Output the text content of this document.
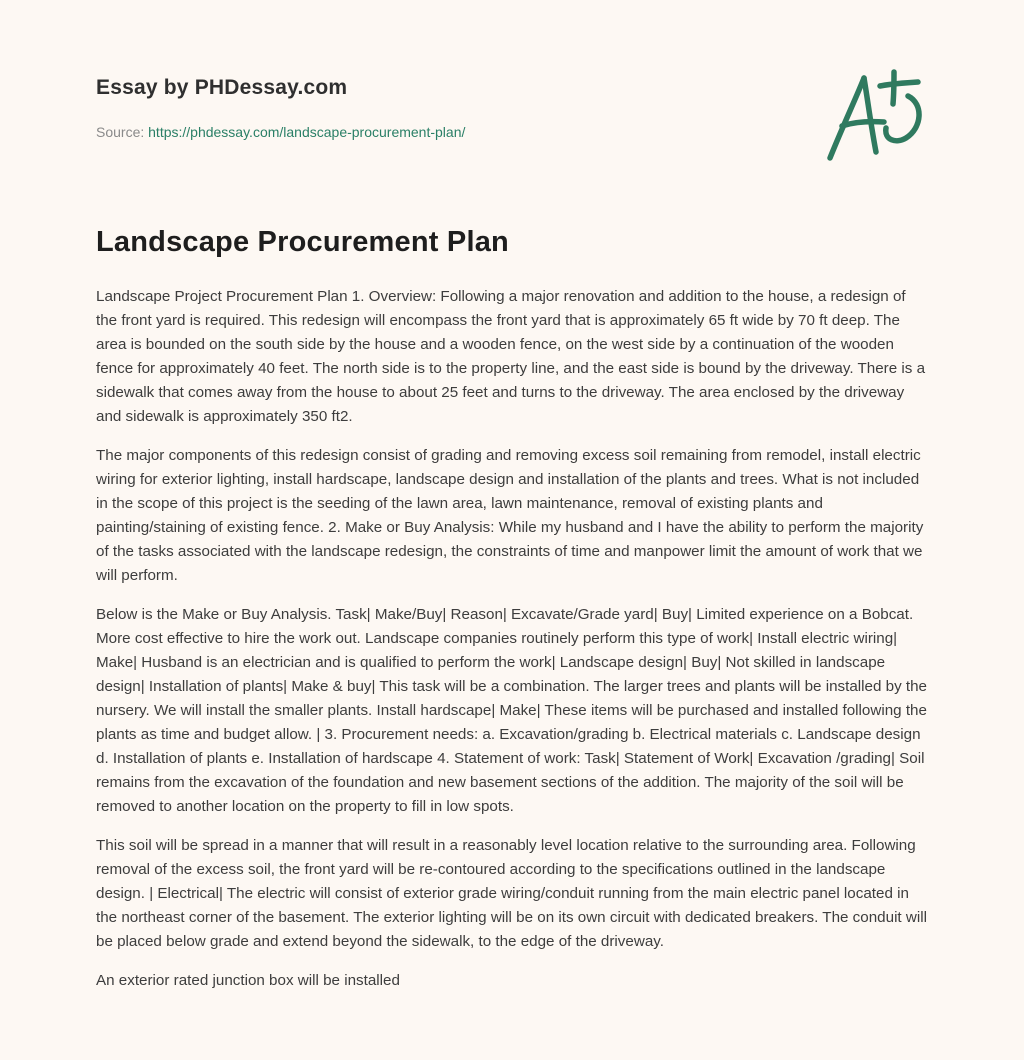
Essay by PHDessay.com
Source: https://phdessay.com/landscape-procurement-plan/
Landscape Procurement Plan

Landscape Project Procurement Plan 1. Overview: Following a major renovation and addition to the house, a redesign of the front yard is required. This redesign will encompass the front yard that is approximately 65 ft wide by 70 ft deep. The area is bounded on the south side by the house and a wooden fence, on the west side by a continuation of the wooden fence for approximately 40 feet. The north side is to the property line, and the east side is bound by the driveway. There is a sidewalk that comes away from the house to about 25 feet and turns to the driveway. The area enclosed by the driveway and sidewalk is approximately 350 ft2.

The major components of this redesign consist of grading and removing excess soil remaining from remodel, install electric wiring for exterior lighting, install hardscape, landscape design and installation of the plants and trees. What is not included in the scope of this project is the seeding of the lawn area, lawn maintenance, removal of existing plants and painting/staining of existing fence. 2. Make or Buy Analysis: While my husband and I have the ability to perform the majority of the tasks associated with the landscape redesign, the constraints of time and manpower limit the amount of work that we will perform.

Below is the Make or Buy Analysis. Task| Make/Buy| Reason| Excavate/Grade yard| Buy| Limited experience on a Bobcat. More cost effective to hire the work out. Landscape companies routinely perform this type of work| Install electric wiring| Make| Husband is an electrician and is qualified to perform the work| Landscape design| Buy| Not skilled in landscape design| Installation of plants| Make & buy| This task will be a combination. The larger trees and plants will be installed by the nursery. We will install the smaller plants. Install hardscape| Make| These items will be purchased and installed following the plants as time and budget allow. | 3. Procurement needs: a. Excavation/grading b. Electrical materials c. Landscape design d. Installation of plants e. Installation of hardscape 4. Statement of work: Task| Statement of Work| Excavation /grading| Soil remains from the excavation of the foundation and new basement sections of the addition. The majority of the soil will be removed to another location on the property to fill in low spots.

This soil will be spread in a manner that will result in a reasonably level location relative to the surrounding area. Following removal of the excess soil, the front yard will be re-contoured according to the specifications outlined in the landscape design. | Electrical| The electric will consist of exterior grade wiring/conduit running from the main electric panel located in the northeast corner of the basement. The exterior lighting will be on its own circuit with dedicated breakers. The conduit will be placed below grade and extend beyond the sidewalk, to the edge of the driveway.

An exterior rated junction box will be installed
